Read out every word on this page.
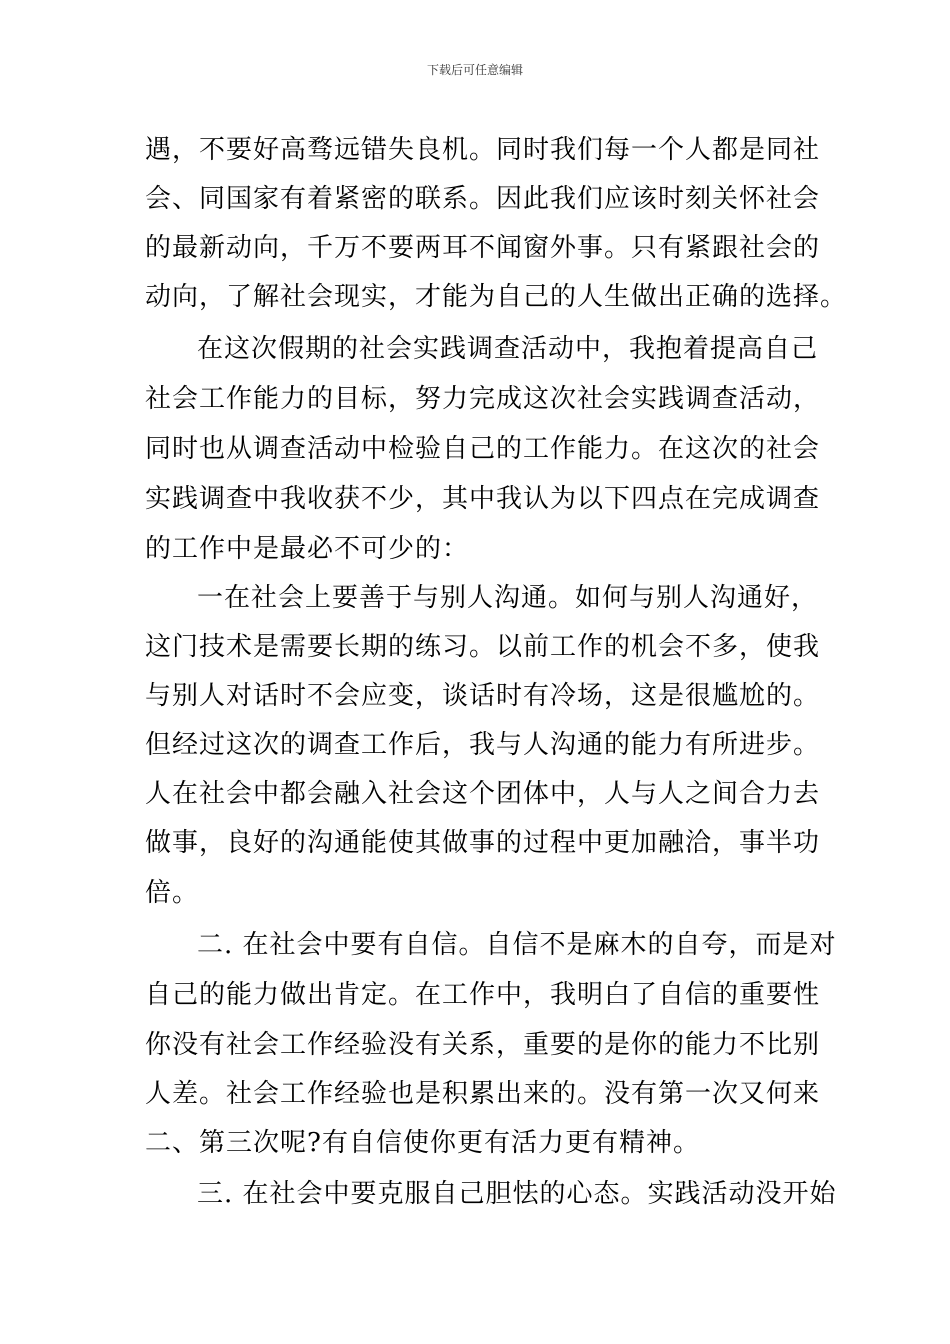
下载后可任意编辑
遇，不要好高骛远错失良机。同时我们每一个人都是同社
会、同国家有着紧密的联系。因此我们应该时刻关怀社会
的最新动向，千万不要两耳不闻窗外事。只有紧跟社会的
动向，了解社会现实，才能为自己的人生做出正确的选择。
在这次假期的社会实践调查活动中，我抱着提高自己
社会工作能力的目标，努力完成这次社会实践调查活动，
同时也从调查活动中检验自己的工作能力。在这次的社会
实践调查中我收获不少，其中我认为以下四点在完成调查
的工作中是最必不可少的：
一在社会上要善于与别人沟通。如何与别人沟通好，
这门技术是需要长期的练习。以前工作的机会不多，使我
与别人对话时不会应变，谈话时有冷场，这是很尴尬的。
但经过这次的调查工作后，我与人沟通的能力有所进步。
人在社会中都会融入社会这个团体中，人与人之间合力去
做事，良好的沟通能使其做事的过程中更加融洽，事半功
倍。
二. 在社会中要有自信。自信不是麻木的自夸，而是对
自己的能力做出肯定。在工作中，我明白了自信的重要性
你没有社会工作经验没有关系，重要的是你的能力不比别
人差。社会工作经验也是积累出来的。没有第一次又何来
二、第三次呢?有自信使你更有活力更有精神。
三. 在社会中要克服自己胆怯的心态。实践活动没开始
